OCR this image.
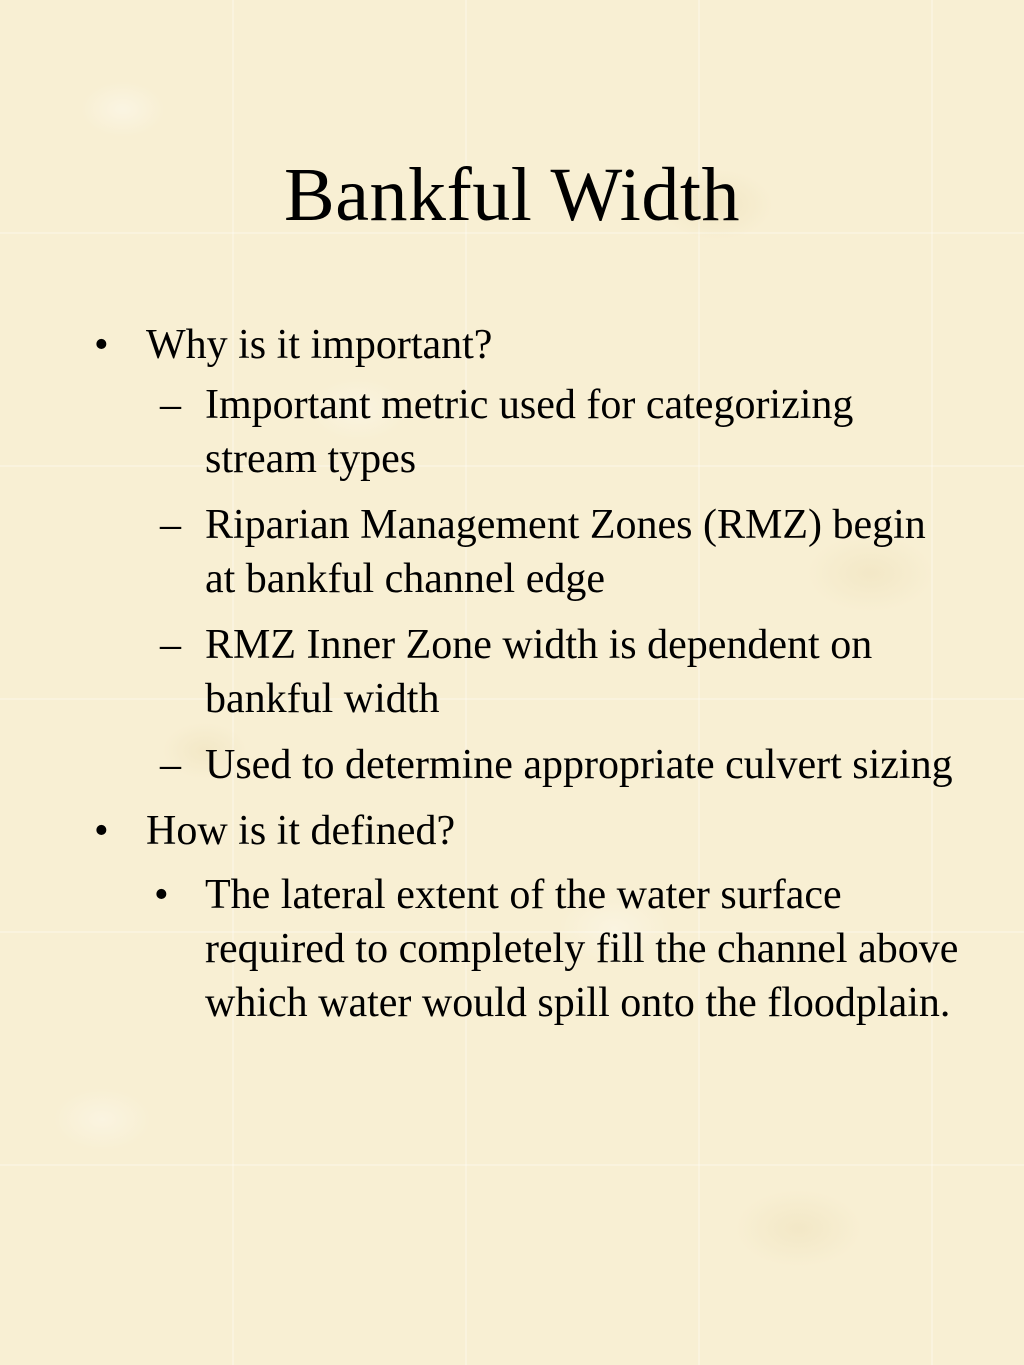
Bankful Width
• Why is it important?
– Important metric used for categorizing stream types
– Riparian Management Zones (RMZ) begin at bankful channel edge
– RMZ Inner Zone width is dependent on bankful width
– Used to determine appropriate culvert sizing
• How is it defined?
• The lateral extent of the water surface required to completely fill the channel above which water would spill onto the floodplain.
